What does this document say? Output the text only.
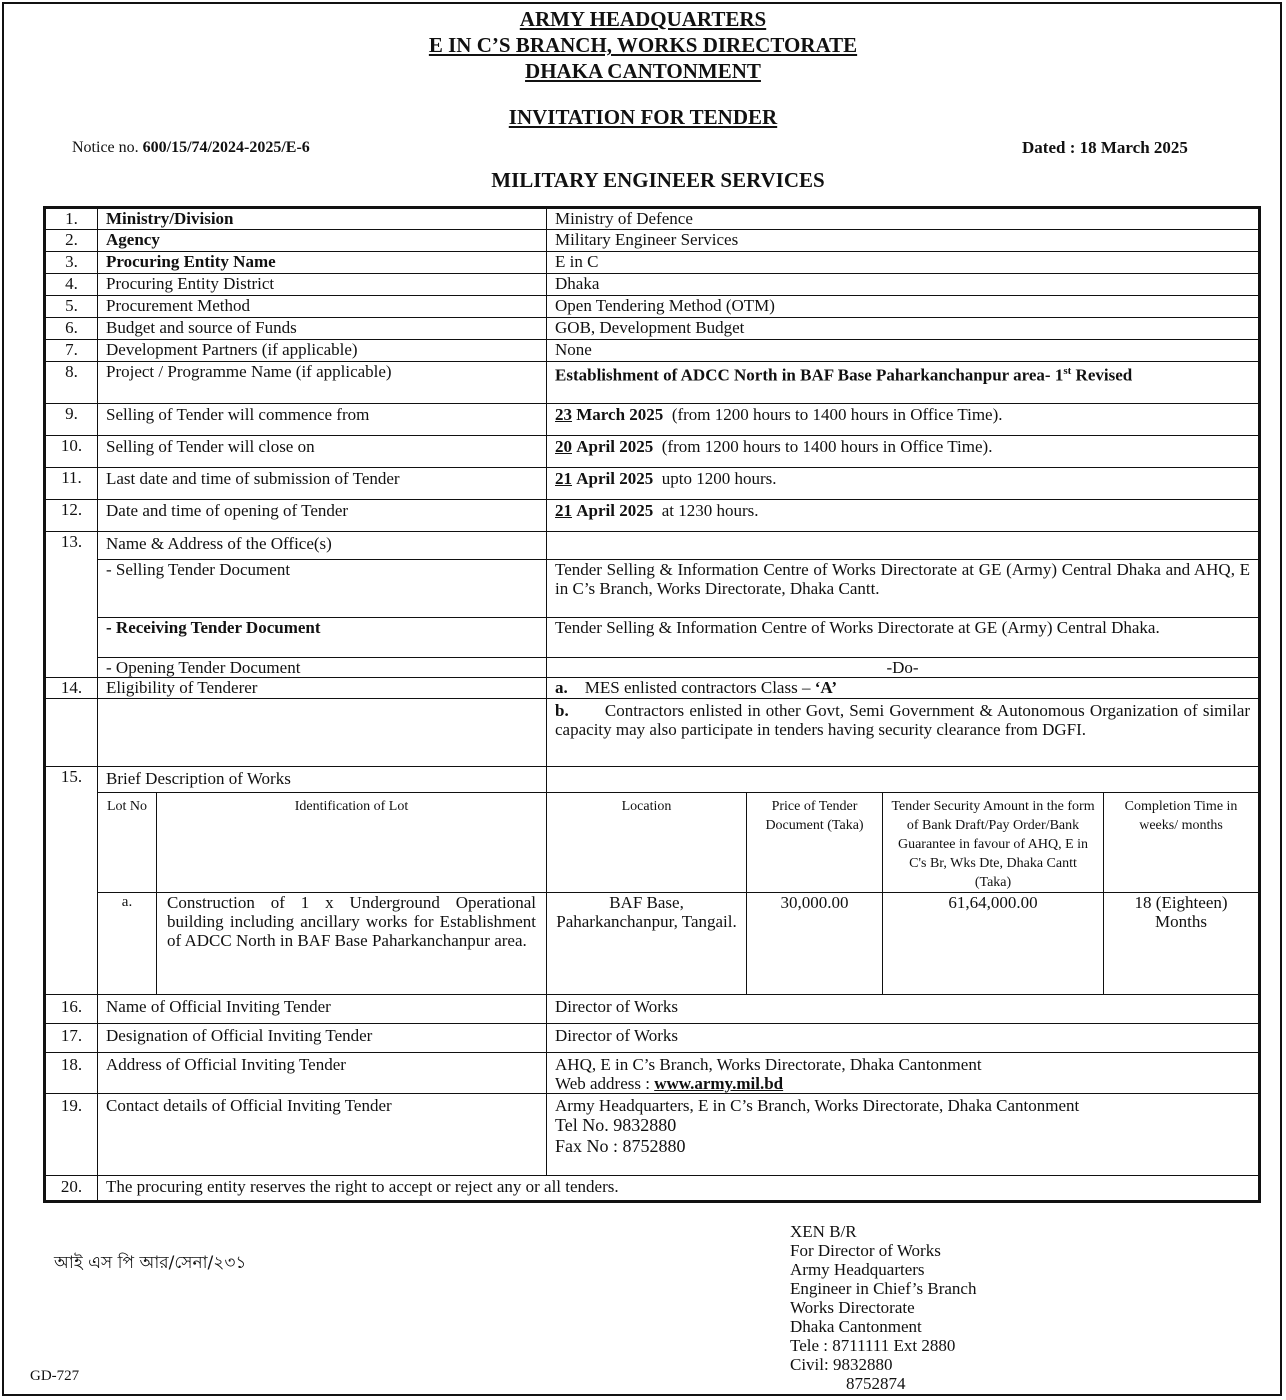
ARMY HEADQUARTERS
E IN C’S BRANCH, WORKS DIRECTORATE
DHAKA CANTONMENT
INVITATION FOR TENDER
Notice no. 600/15/74/2024-2025/E-6	Dated : 18 March 2025
MILITARY ENGINEER SERVICES
1.	Ministry/Division		Ministry of Defence			
2.	Agency		Military Engineer Services			
3.	Procuring Entity Name		E in C			
4.	Procuring Entity District		Dhaka			
5.	Procurement Method		Open Tendering Method (OTM)			
6.	Budget and source of Funds		GOB, Development Budget			
7.	Development Partners (if applicable)		None			
8.	Project / Programme Name (if applicable)		Establishment of ADCC North in BAF Base Paharkanchanpur area- 1st Revised			
9.	Selling of Tender will commence from		23 March 2025 (from 1200 hours to 1400 hours in Office Time).			
10.	Selling of Tender will close on		20 April 2025 (from 1200 hours to 1400 hours in Office Time).			
11.	Last date and time of submission of Tender		21 April 2025 upto 1200 hours.			
12.	Date and time of opening of Tender		21 April 2025 at 1230 hours.			
13.	Name & Address of the Office(s)					
	- Selling Tender Document		Tender Selling & Information Centre of Works Directorate at GE (Army) Central Dhaka and AHQ, E in C’s Branch, Works Directorate, Dhaka Cantt.			
	- Receiving Tender Document		Tender Selling & Information Centre of Works Directorate at GE (Army) Central Dhaka.			
	- Opening Tender Document		-Do-			
14.	Eligibility of Tenderer		a. MES enlisted contractors Class – ‘A’			
			b. Contractors enlisted in other Govt, Semi Government & Autonomous Organization of similar capacity may also participate in tenders having security clearance from DGFI.			
15.	Brief Description of Works					
	Lot No	Identification of Lot	Location	Price of Tender Document (Taka)	Tender Security Amount in the form of Bank Draft/Pay Order/Bank Guarantee in favour of AHQ, E in C's Br, Wks Dte, Dhaka Cantt (Taka)	Completion Time in weeks/ months
	a.	Construction of 1 x Underground Operational building including ancillary works for Establishment of ADCC North in BAF Base Paharkanchanpur area.	BAF Base, Paharkanchanpur, Tangail.	30,000.00	61,64,000.00	18 (Eighteen) Months
16.	Name of Official Inviting Tender		Director of Works			
17.	Designation of Official Inviting Tender		Director of Works			
18.	Address of Official Inviting Tender		AHQ, E in C’s Branch, Works Directorate, Dhaka Cantonment
Web address : www.army.mil.bd			

19.	Contact details of Official Inviting Tender		Army Headquarters, E in C’s Branch, Works Directorate, Dhaka Cantonment
Tel No. 9832880
Fax No : 8752880			

20.	The procuring entity reserves the right to accept or reject any or all tenders.					
XEN B/R
For Director of Works
Army Headquarters
Engineer in Chief’s Branch
Works Directorate
Dhaka Cantonment
Tele : 8711111 Ext 2880
Civil: 9832880
8752874
আই এস পি আর/সেনা/২৩১
GD-727
